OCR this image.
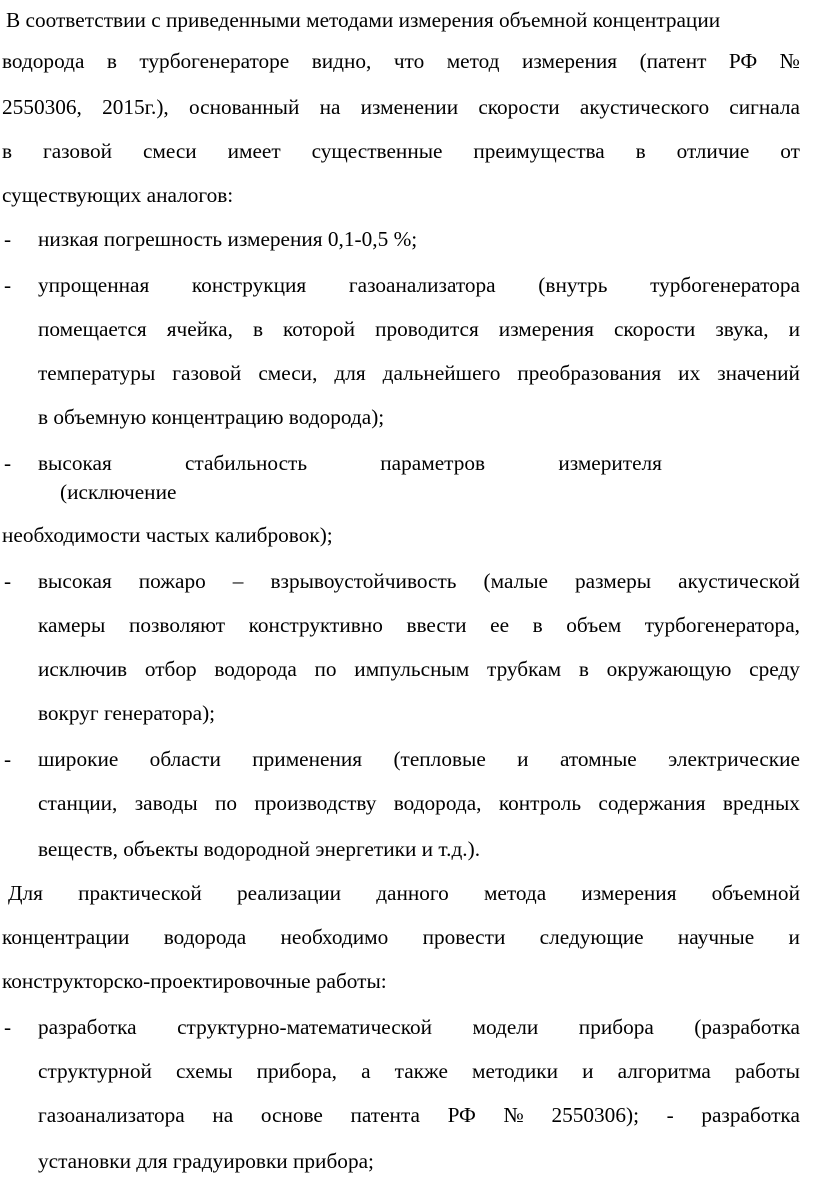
В соответствии с приведенными методами измерения объемной концентрации
водорода в турбогенераторе видно, что метод измерения (патент РФ №
2550306, 2015г.), основанный на изменении скорости акустического сигнала
в газовой смеси имеет существенные преимущества в отличие от
существующих аналогов:
-	низкая погрешность измерения 0,1-0,5 %;
-	упрощенная конструкция газоанализатора (внутрь турбогенератора
помещается ячейка, в которой проводится измерения скорости звука, и
температуры газовой смеси, для дальнейшего преобразования их значений
в объемную концентрацию водорода);
-	высокая	стабильность	параметров	измерителя
(исключение
необходимости частых калибровок);
-	высокая пожаро – взрывоустойчивость (малые размеры акустической
камеры позволяют конструктивно ввести ее в объем турбогенератора,
исключив отбор водорода по импульсным трубкам в окружающую среду
вокруг генератора);
-	широкие области применения (тепловые и атомные электрические
станции, заводы по производству водорода, контроль содержания вредных
веществ, объекты водородной энергетики и т.д.).
Для практической реализации данного метода измерения объемной
концентрации водорода необходимо провести следующие научные и
конструкторско-проектировочные работы:
-	разработка структурно-математической модели прибора (разработка
структурной схемы прибора, а также методики и алгоритма работы
газоанализатора на основе патента РФ № 2550306); - разработка
установки для градуировки прибора;
